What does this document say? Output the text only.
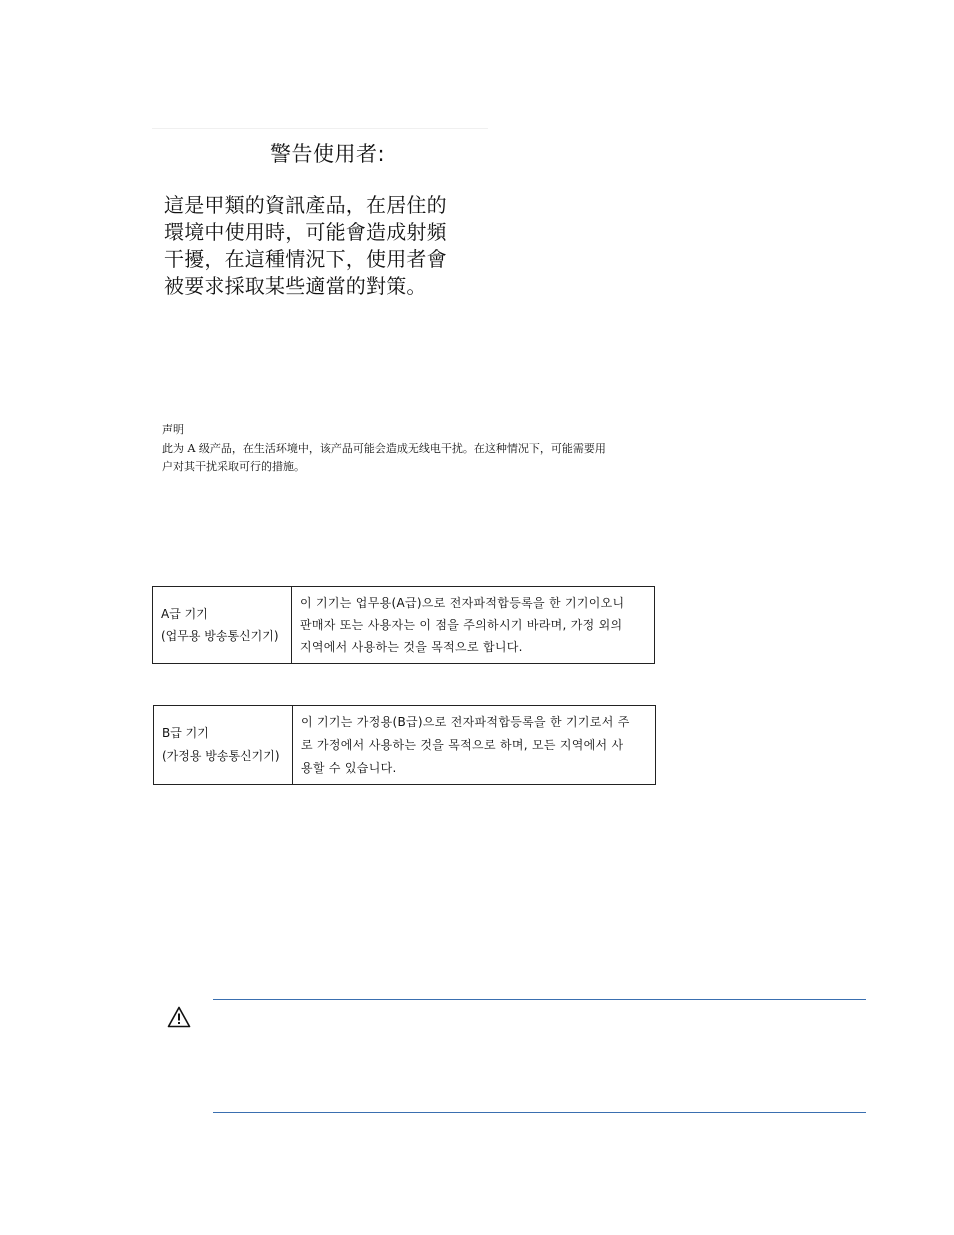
警告使用者:
這是甲類的資訊產品，在居住的
環境中使用時，可能會造成射頻
干擾，在這種情況下，使用者會
被要求採取某些適當的對策。
声明
此为 A 级产品，在生活环境中，该产品可能会造成无线电干扰。在这种情况下，可能需要用
户对其干扰采取可行的措施。
A급 기기
(업무용 방송통신기기)
이 기기는 업무용(A급)으로 전자파적합등록을 한 기기이오니
판매자 또는 사용자는 이 점을 주의하시기 바라며, 가정 외의
지역에서 사용하는 것을 목적으로 합니다.
B급 기기
(가정용 방송통신기기)
이 기기는 가정용(B급)으로 전자파적합등록을 한 기기로서 주
로 가정에서 사용하는 것을 목적으로 하며, 모든 지역에서 사
용할 수 있습니다.
